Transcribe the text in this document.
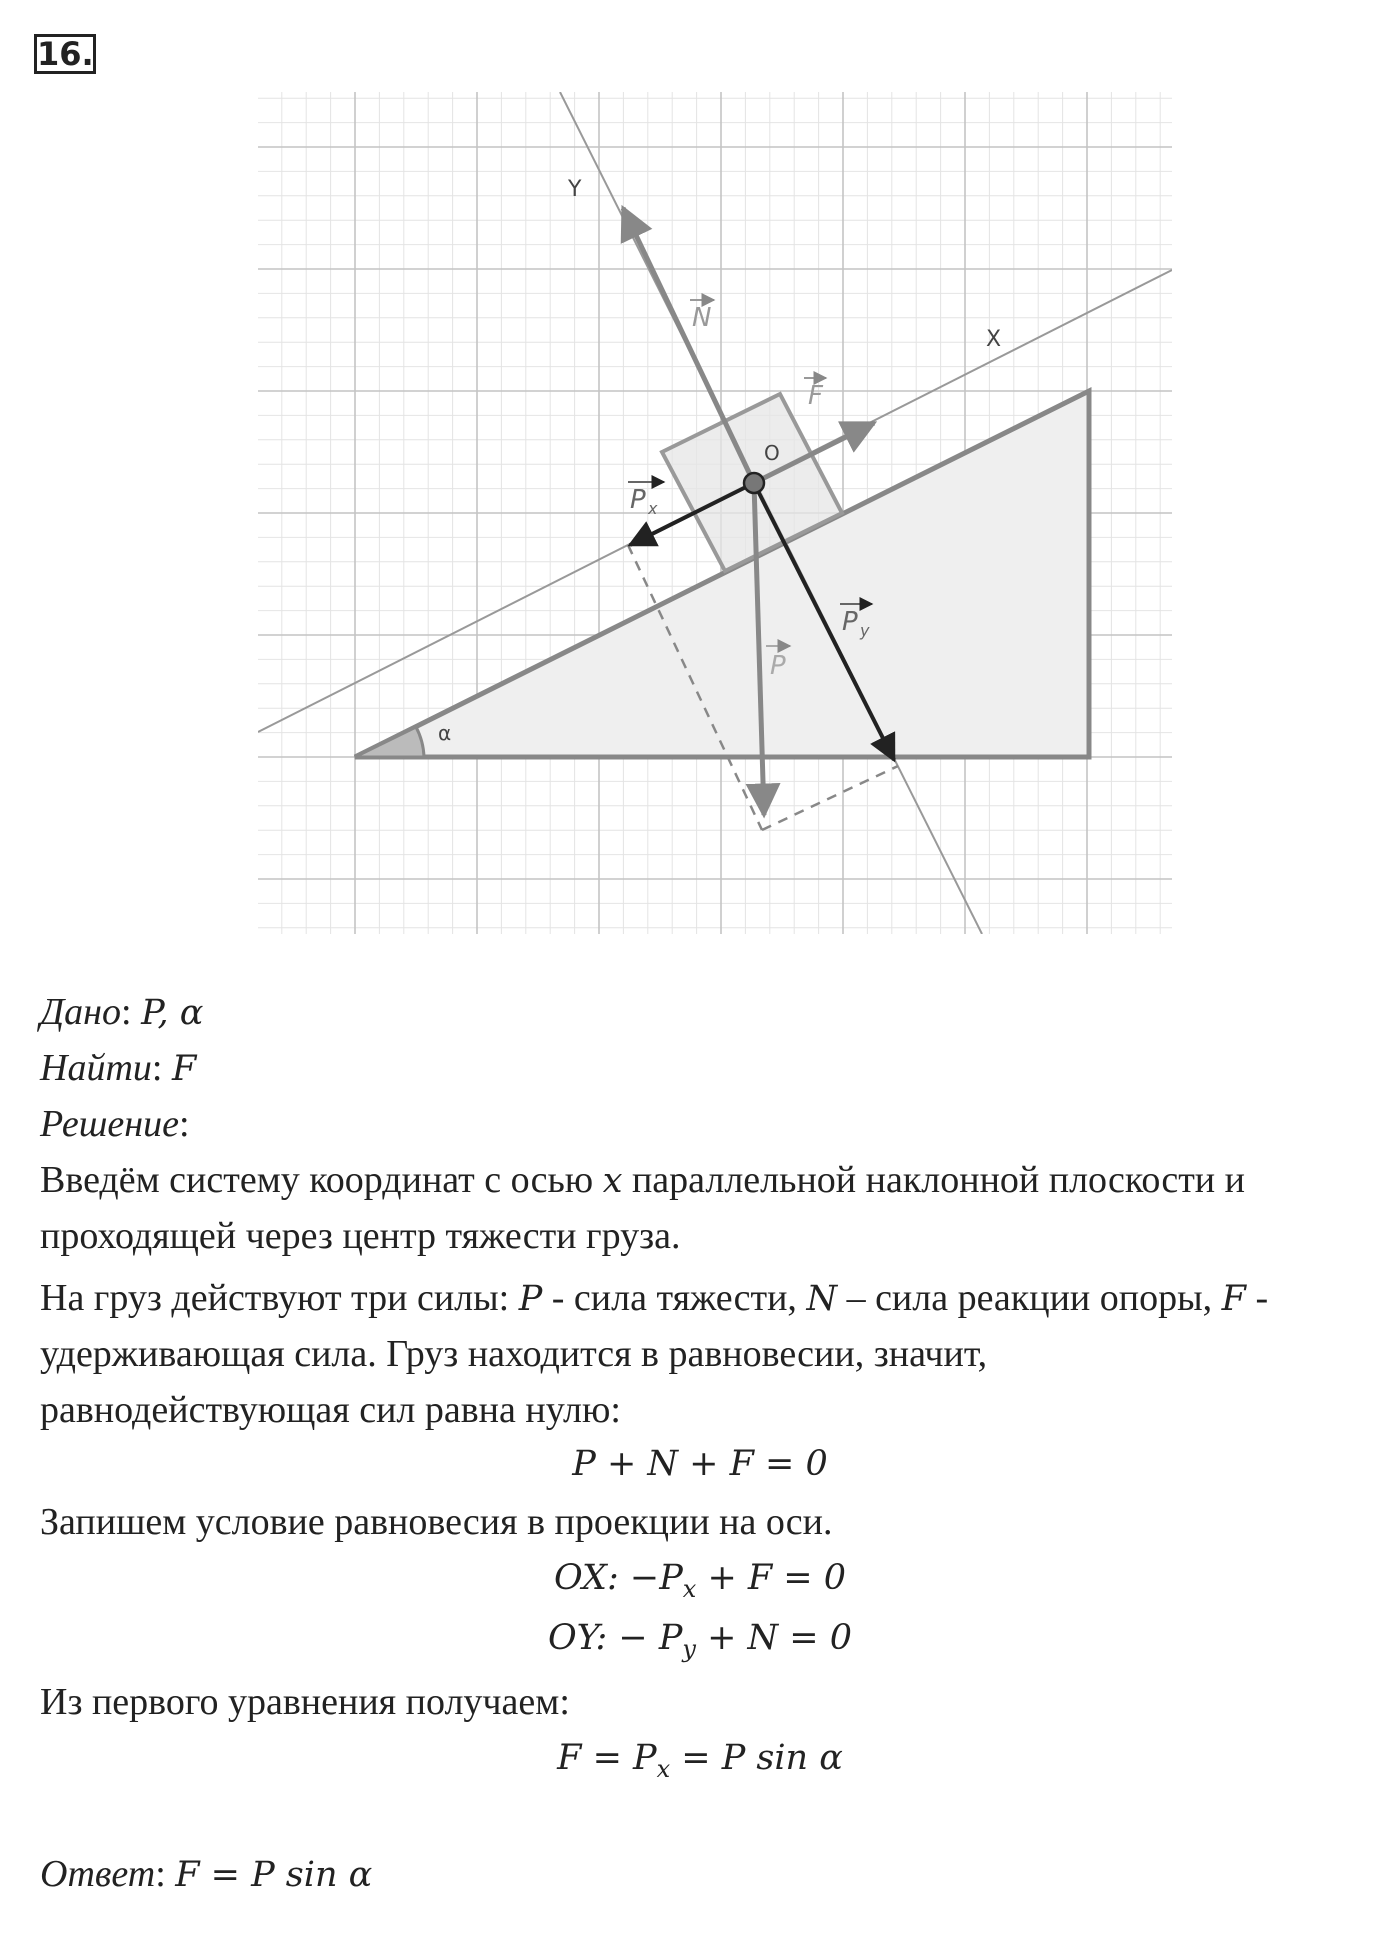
16.
Y
X
O
α
N
F
P x
P y
P
Дано: P, α
Найти: F
Решение:
Введём систему координат с осью x параллельной наклонной плоскости и
проходящей через центр тяжести груза.
На груз действуют три силы: P - сила тяжести, N – сила реакции опоры, F -
удерживающая сила. Груз находится в равновесии, значит,
равнодействующая сил равна нулю:
P + N + F = 0
Запишем условие равновесия в проекции на оси.
OX: $-P_x + F = 0$
OY: − $P_y + N = 0$
Из первого уравнения получаем:
$F = P_x = P$ sin α
Ответ: F = P sin α
